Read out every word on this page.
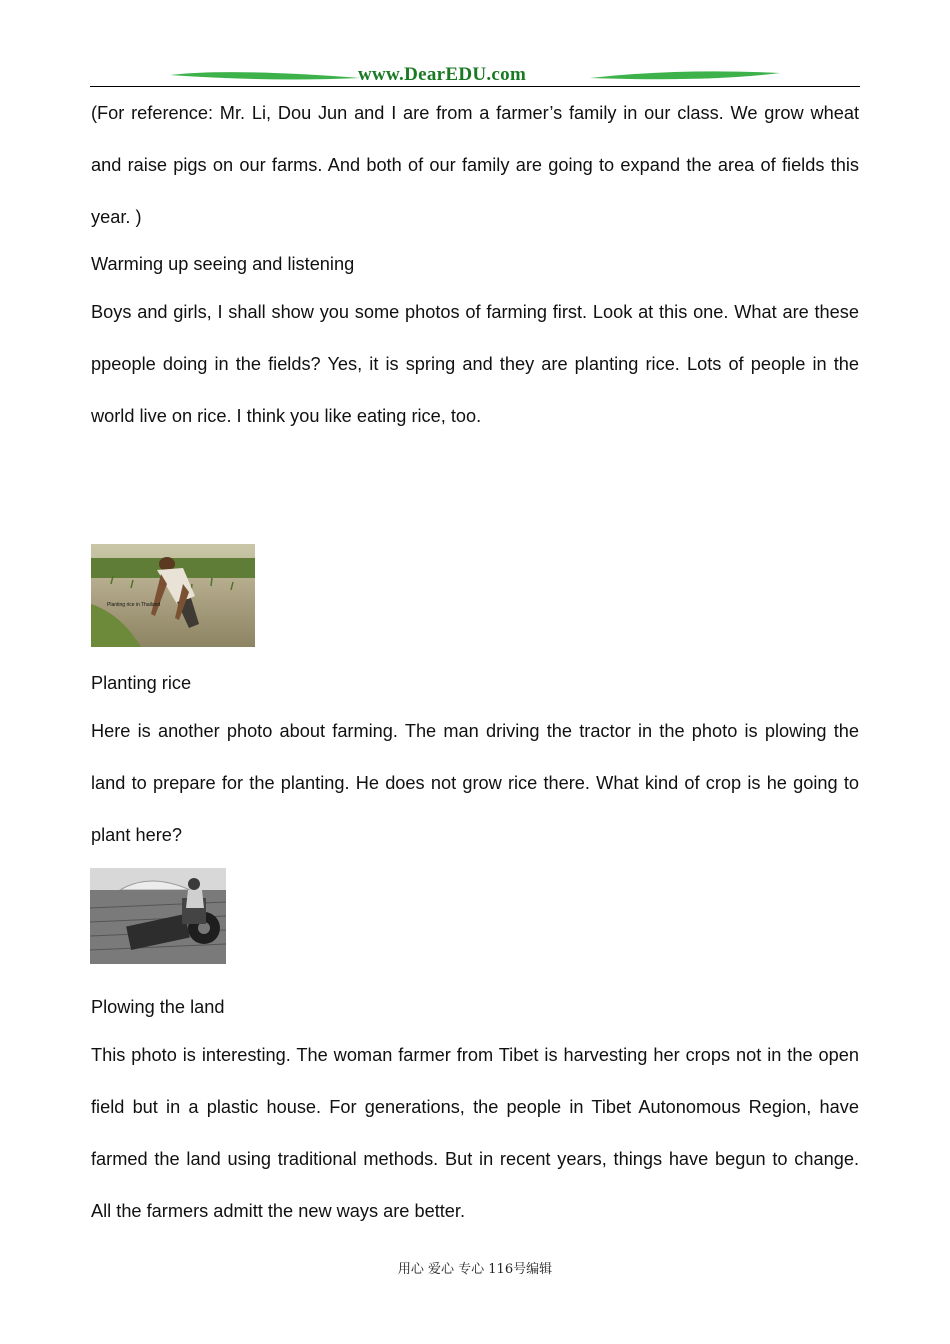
www.DearEDU.com

(For reference: Mr. Li, Dou Jun and I are from a farmer’s family in our class. We grow wheat and raise pigs on our farms. And both of our family are going to expand the area of fields this year. )

Warming up seeing and listening

Boys and girls, I shall show you some photos of farming first. Look at this one. What are these ppeople doing in the fields? Yes, it is spring and they are planting rice. Lots of people in the world live on rice. I think you like eating rice, too.

Planting rice in Thailand

Planting rice

Here is another photo about farming. The man driving the tractor in the photo is plowing the land to prepare for the planting. He does not grow rice there. What kind of crop is he going to plant here?

Plowing the land

This photo is interesting. The woman farmer from Tibet is harvesting her crops not in the open field but in a plastic house. For generations, the people in Tibet Autonomous Region, have farmed the land using traditional methods. But in recent years, things have begun to change. All the farmers admitt the new ways are better.

用心 爱心 专心 116号编辑
